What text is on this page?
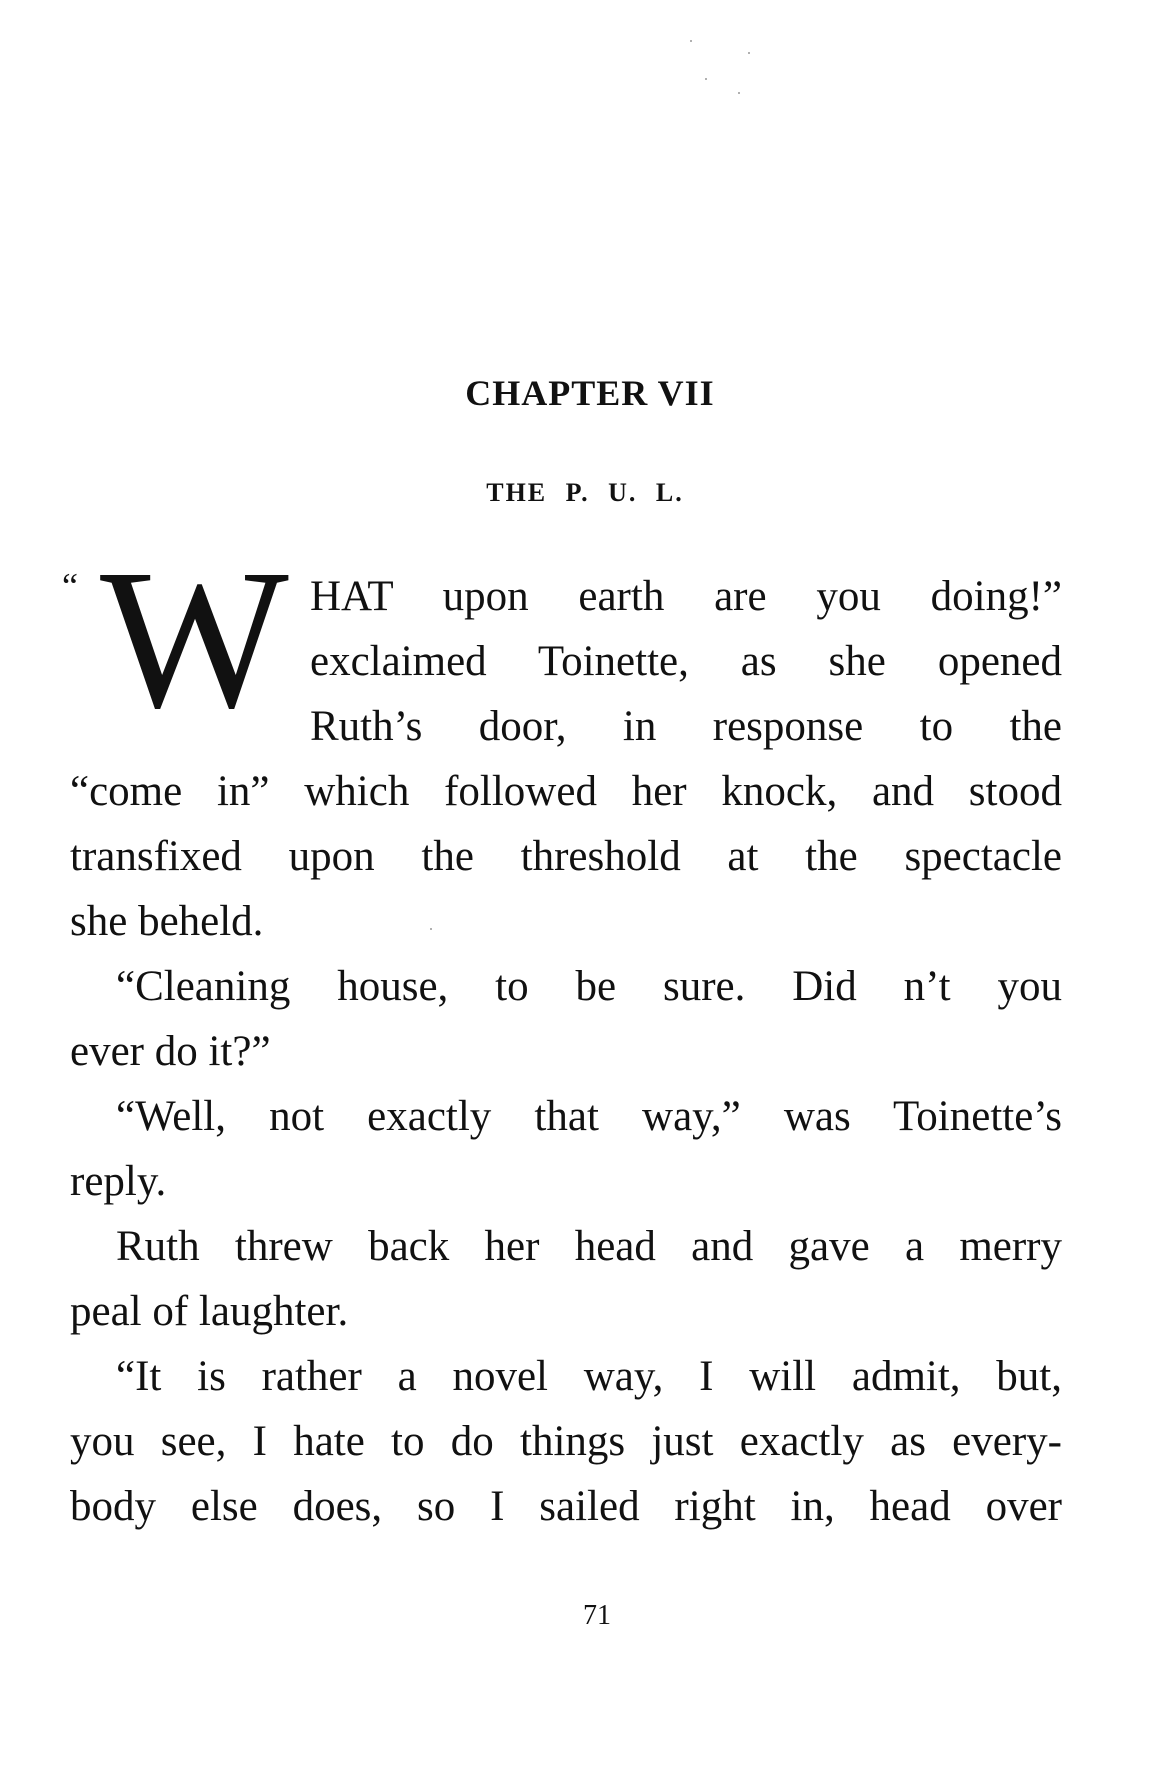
CHAPTER VII
THE P. U. L.
“ W HAT upon earth are you doing!”
exclaimed Toinette, as she opened
Ruth’s door, in response to the
“come in” which followed her knock, and stood
transfixed upon the threshold at the spectacle
she beheld.
“Cleaning house, to be sure. Did n’t you
ever do it?”
“Well, not exactly that way,” was Toinette’s
reply.
Ruth threw back her head and gave a merry
peal of laughter.
“It is rather a novel way, I will admit, but,
you see, I hate to do things just exactly as every-
body else does, so I sailed right in, head over
71
